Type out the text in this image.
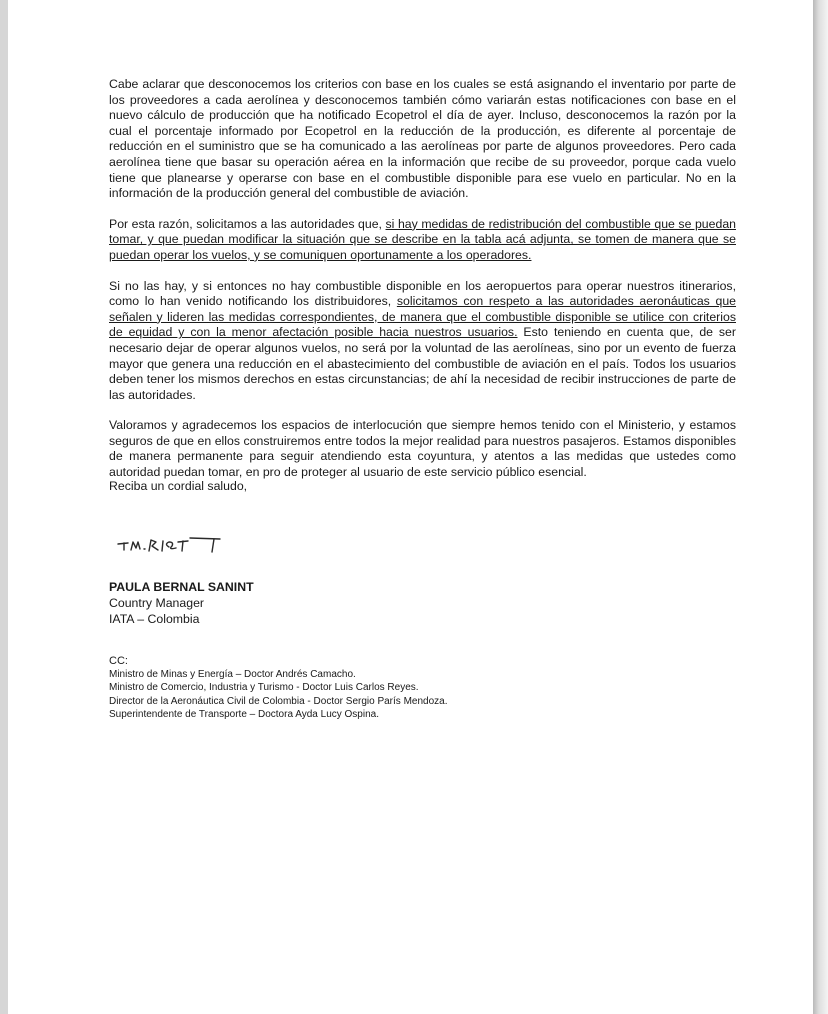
Cabe aclarar que desconocemos los criterios con base en los cuales se está asignando el inventario por parte de los proveedores a cada aerolínea y desconocemos también cómo variarán estas notificaciones con base en el nuevo cálculo de producción que ha notificado Ecopetrol el día de ayer. Incluso, desconocemos la razón por la cual el porcentaje informado por Ecopetrol en la reducción de la producción, es diferente al porcentaje de reducción en el suministro que se ha comunicado a las aerolíneas por parte de algunos proveedores. Pero cada aerolínea tiene que basar su operación aérea en la información que recibe de su proveedor, porque cada vuelo tiene que planearse y operarse con base en el combustible disponible para ese vuelo en particular. No en la información de la producción general del combustible de aviación.

Por esta razón, solicitamos a las autoridades que, si hay medidas de redistribución del combustible que se puedan tomar, y que puedan modificar la situación que se describe en la tabla acá adjunta, se tomen de manera que se puedan operar los vuelos, y se comuniquen oportunamente a los operadores.

Si no las hay, y si entonces no hay combustible disponible en los aeropuertos para operar nuestros itinerarios, como lo han venido notificando los distribuidores, solicitamos con respeto a las autoridades aeronáuticas que señalen y lideren las medidas correspondientes, de manera que el combustible disponible se utilice con criterios de equidad y con la menor afectación posible hacia nuestros usuarios. Esto teniendo en cuenta que, de ser necesario dejar de operar algunos vuelos, no será por la voluntad de las aerolíneas, sino por un evento de fuerza mayor que genera una reducción en el abastecimiento del combustible de aviación en el país. Todos los usuarios deben tener los mismos derechos en estas circunstancias; de ahí la necesidad de recibir instrucciones de parte de las autoridades.

Valoramos y agradecemos los espacios de interlocución que siempre hemos tenido con el Ministerio, y estamos seguros de que en ellos construiremos entre todos la mejor realidad para nuestros pasajeros. Estamos disponibles de manera permanente para seguir atendiendo esta coyuntura, y atentos a las medidas que ustedes como autoridad puedan tomar, en pro de proteger al usuario de este servicio público esencial.

Reciba un cordial saludo,
PAULA BERNAL SANINT
Country Manager
IATA – Colombia
CC:
Ministro de Minas y Energía – Doctor Andrés Camacho.
Ministro de Comercio, Industria y Turismo - Doctor Luis Carlos Reyes.
Director de la Aeronáutica Civil de Colombia - Doctor Sergio París Mendoza.
Superintendente de Transporte – Doctora Ayda Lucy Ospina.
